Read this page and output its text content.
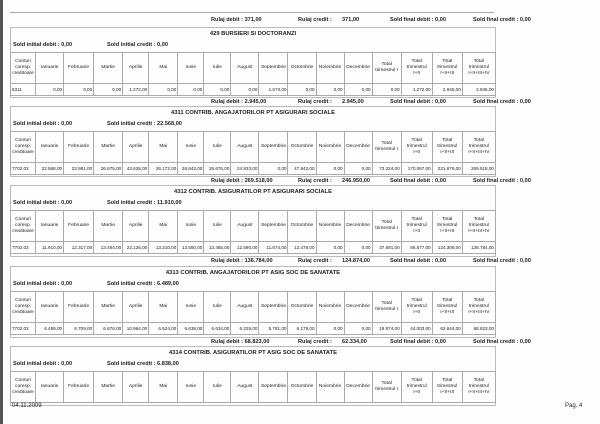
Rulaj debit : 371,00	Rulaj credit : 371,00	Sold final debit : 0,00	Sold final credit : 0,00
429 BURSIERI SI DOCTORANZI
Sold initial debit : 0,00	Sold initial credit : 0,00
Conturi coresp. creditoare	Ianuarie	Februarie	Martie	Aprilie	Mai	Iunie	Iulie	August	Septembrie	Octombrie	Noiembrie	Decembrie	Total trimestrul I	Total trimestrul I+II	Total trimestrul I+II+III	Total trimestrul I+II+III+IV
5311	0,00	0,00	0,00	1.272,00	0,00	0,00	0,00	0,00	1.673,00	0,00	0,00	0,00	0,00	1.272,00	2.945,00	2.945,00
Rulaj debit : 2.945,00	Rulaj credit : 2.945,00	Sold final debit : 0,00	Sold final credit : 0,00
4311 CONTRIB. ANGAJATORILOR PT ASIGURARI SOCIALE
Sold initial debit : 0,00	Sold initial credit : 22.568,00
Conturi coresp. creditoare	Ianuarie	Februarie	Martie	Aprilie	Mai	Iunie	Iulie	August	Septembrie	Octombrie	Noiembrie	Decembrie	Total trimestrul I	Total trimestrul I+II	Total trimestrul I+II+III	Total trimestrul I+II+III+IV
7702.03	22.568,00	23.981,00	26.675,00	43.628,00	26.172,00	26.843,00	26.676,00	24.933,00	0,00	47.842,00	0,00	0,00	73.224,00	170.067,00	221.676,00	269.518,00
Rulaj debit : 269.518,00	Rulaj credit : 246.950,00	Sold final debit : 0,00	Sold final credit : 0,00
4312 CONTRIB. ASIGURATILOR PT ASIGURARI SOCIALE
Sold initial debit : 0,00	Sold initial credit : 11.910,00
Conturi coresp. creditoare	Ianuarie	Februarie	Martie	Aprilie	Mai	Iunie	Iulie	August	Septembrie	Octombrie	Noiembrie	Decembrie	Total trimestrul I	Total trimestrul I+II	Total trimestrul I+II+III	Total trimestrul I+II+III+IV
7702.03	11.910,00	12.317,00	13.464,00	22.126,00	13.210,00	13.550,00	13.465,00	12.590,00	11.674,00	12.478,00	0,00	0,00	37.691,00	86.577,00	124.306,00	136.784,00
Rulaj debit : 136.784,00	Rulaj credit : 124.874,00	Sold final debit : 0,00	Sold final credit : 0,00
4313 CONTRIB. ANGAJATORILOR PT ASIG SOC DE SANATATE
Sold initial debit : 0,00	Sold initial credit : 6.489,00
Conturi coresp. creditoare	Ianuarie	Februarie	Martie	Aprilie	Mai	Iunie	Iulie	August	Septembrie	Octombrie	Noiembrie	Decembrie	Total trimestrul I	Total trimestrul I+II	Total trimestrul I+II+III	Total trimestrul I+II+III+IV
7702.03	6.489,00	6.709,00	6.676,00	10.964,00	6.524,00	6.638,00	6.634,00	6.229,00	5.781,00	6.179,00	0,00	0,00	19.874,00	44.003,00	62.644,00	68.823,00
Rulaj debit : 68.823,00	Rulaj credit : 62.334,00	Sold final debit : 0,00	Sold final credit : 0,00
4314 CONTRIB. ASIGURATILOR PT ASIG SOC DE SANATATE
Sold initial debit : 0,00	Sold initial credit : 6.838,00
Conturi coresp. creditoare	Ianuarie	Februarie	Martie	Aprilie	Mai	Iunie	Iulie	August	Septembrie	Octombrie	Noiembrie	Decembrie	Total trimestrul I	Total trimestrul I+II	Total trimestrul I+II+III	Total trimestrul I+II+III+IV
04.11.2009	Pag. 4
